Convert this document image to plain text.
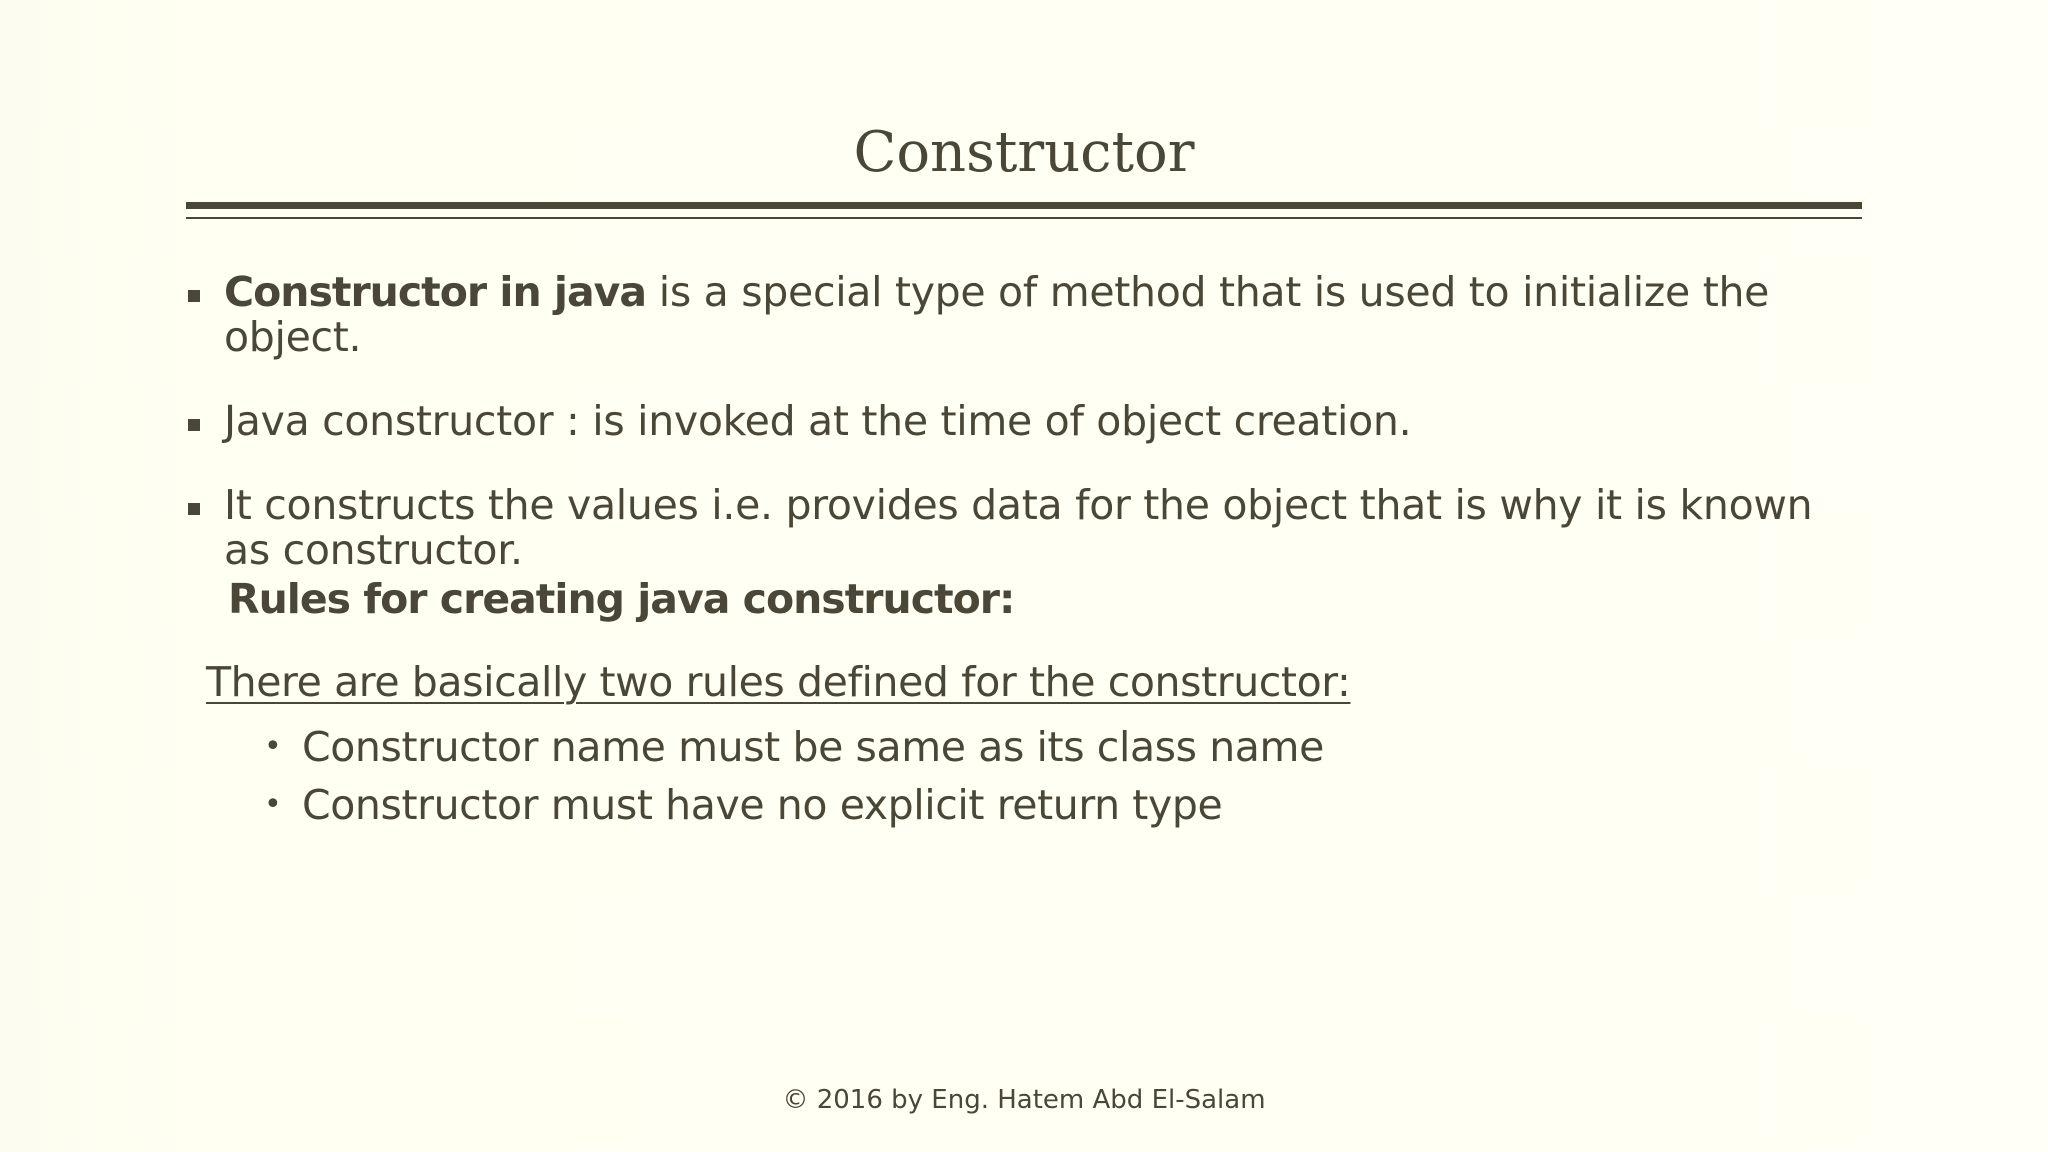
Constructor
Constructor in java is a special type of method that is used to initialize the object.
Java constructor : is invoked at the time of object creation.
It constructs the values i.e. provides data for the object that is why it is known as constructor.
Rules for creating java constructor:
There are basically two rules defined for the constructor:
• Constructor name must be same as its class name
• Constructor must have no explicit return type
© 2016 by Eng. Hatem Abd El-Salam
